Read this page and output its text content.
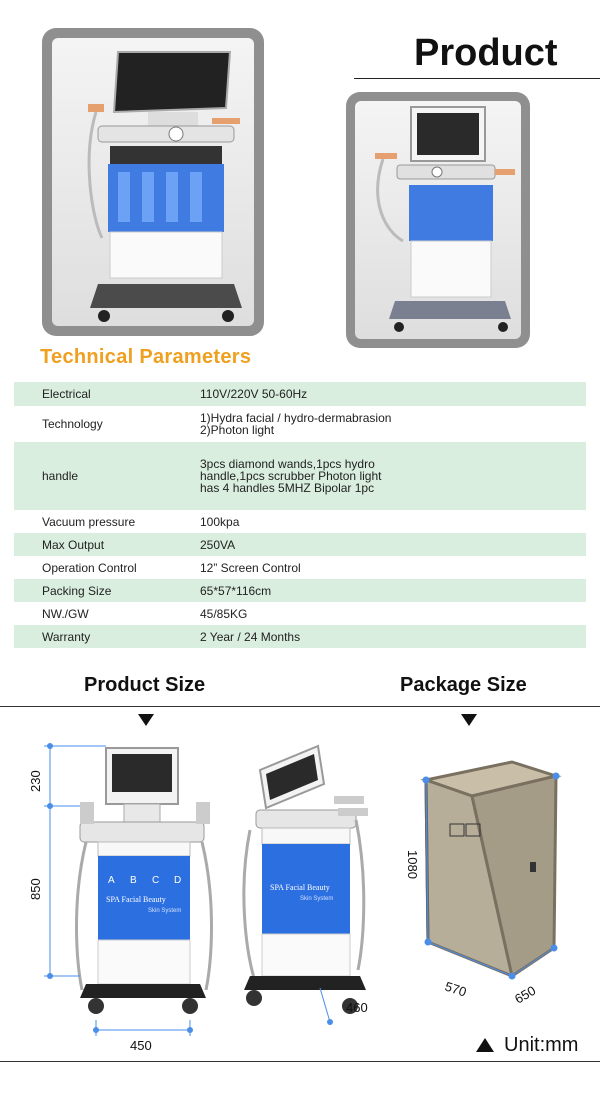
Product
Technical Parameters
Electrical	110V/220V 50-60Hz

Technology	1)Hydra facial / hydro-dermabrasion
2)Photon light

handle	3pcs diamond wands,1pcs hydro
handle,1pcs scrubber Photon light
has 4 handles 5MHZ Bipolar 1pc

Vacuum pressure	100kpa
Max Output	250VA
Operation Control	12” Screen Control
Packing Size	65*57*116cm
NW./GW	45/85KG
Warranty	2 Year / 24 Months
Product Size	Package Size
A B C D
SPA Facial Beauty
Skin System
SPA Facial Beauty
Skin System
230
850
450
460
1080
570	650
Unit:mm
